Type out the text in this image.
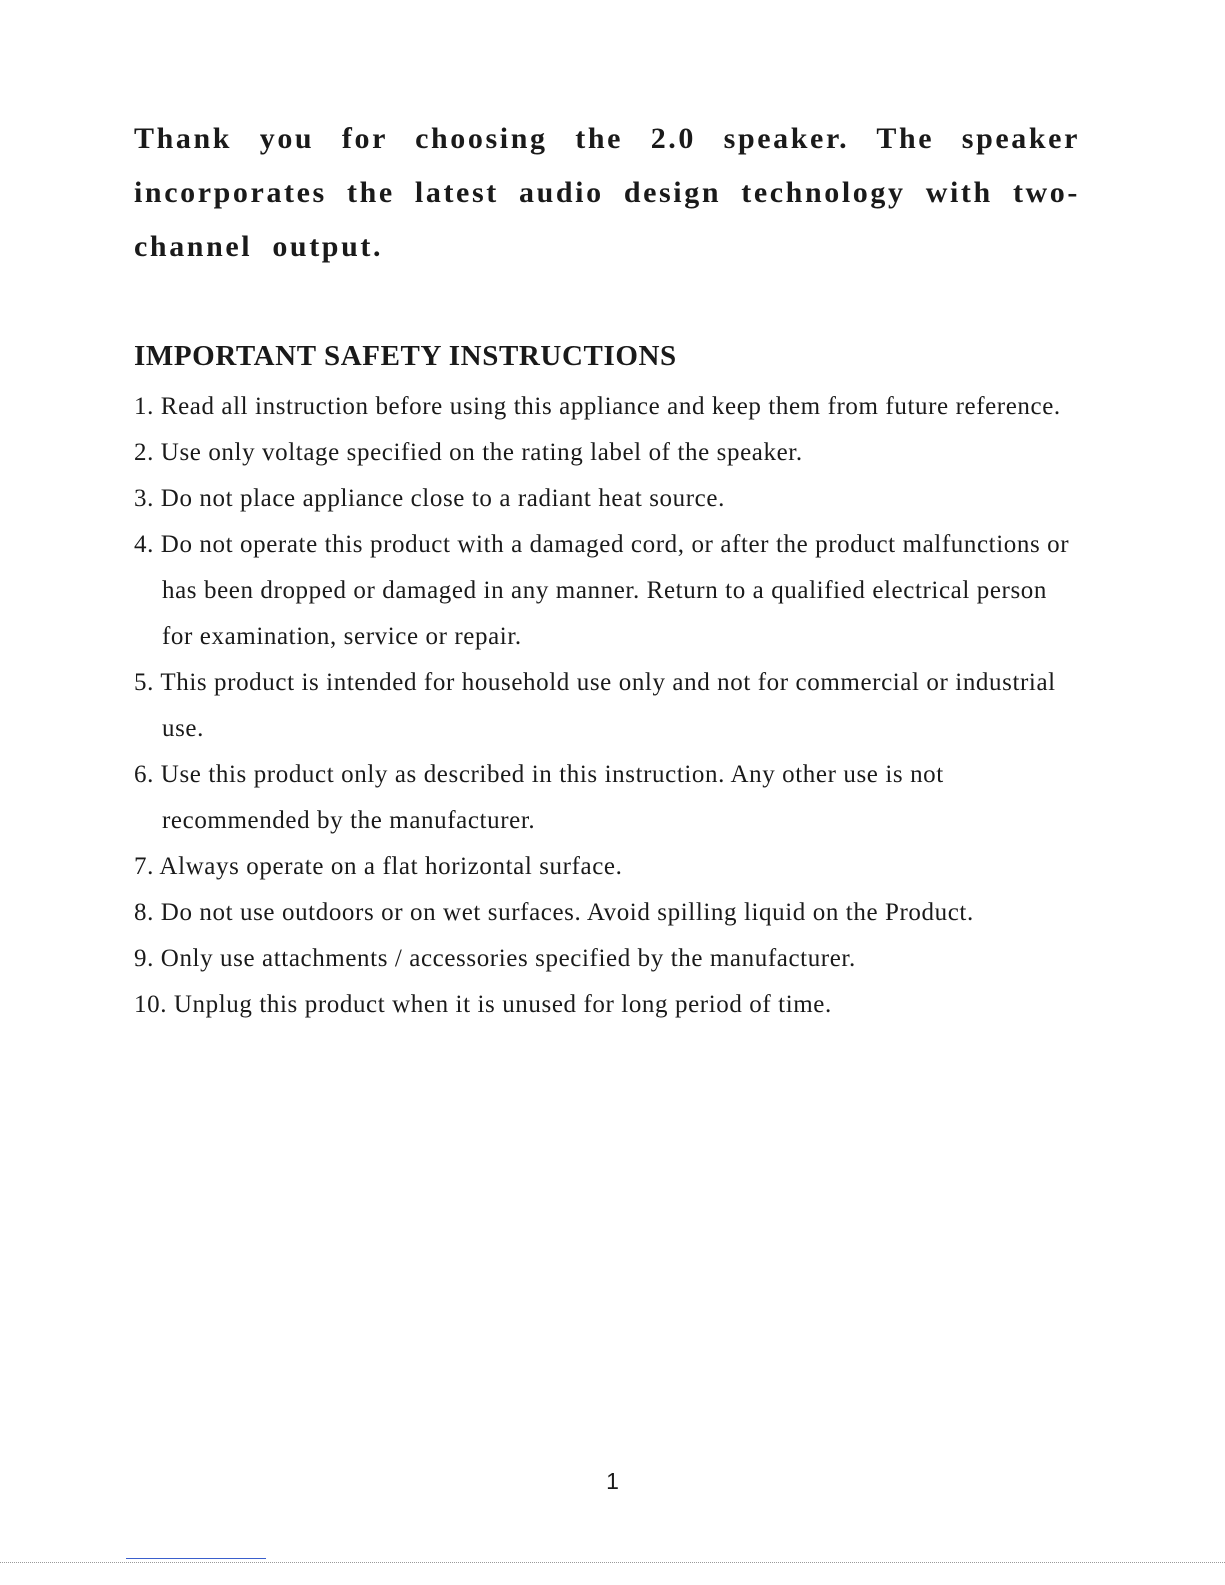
Thank you for choosing the 2.0 speaker. The speaker incorporates the latest audio design technology with two-channel output.

IMPORTANT SAFETY INSTRUCTIONS
1. Read all instruction before using this appliance and keep them from future reference.
2. Use only voltage specified on the rating label of the speaker.
3. Do not place appliance close to a radiant heat source.
4. Do not operate this product with a damaged cord, or after the product malfunctions or has been dropped or damaged in any manner. Return to a qualified electrical person for examination, service or repair.
5. This product is intended for household use only and not for commercial or industrial use.
6. Use this product only as described in this instruction. Any other use is not recommended by the manufacturer.
7. Always operate on a flat horizontal surface.
8. Do not use outdoors or on wet surfaces. Avoid spilling liquid on the Product.
9. Only use attachments / accessories specified by the manufacturer.
10. Unplug this product when it is unused for long period of time.
1
